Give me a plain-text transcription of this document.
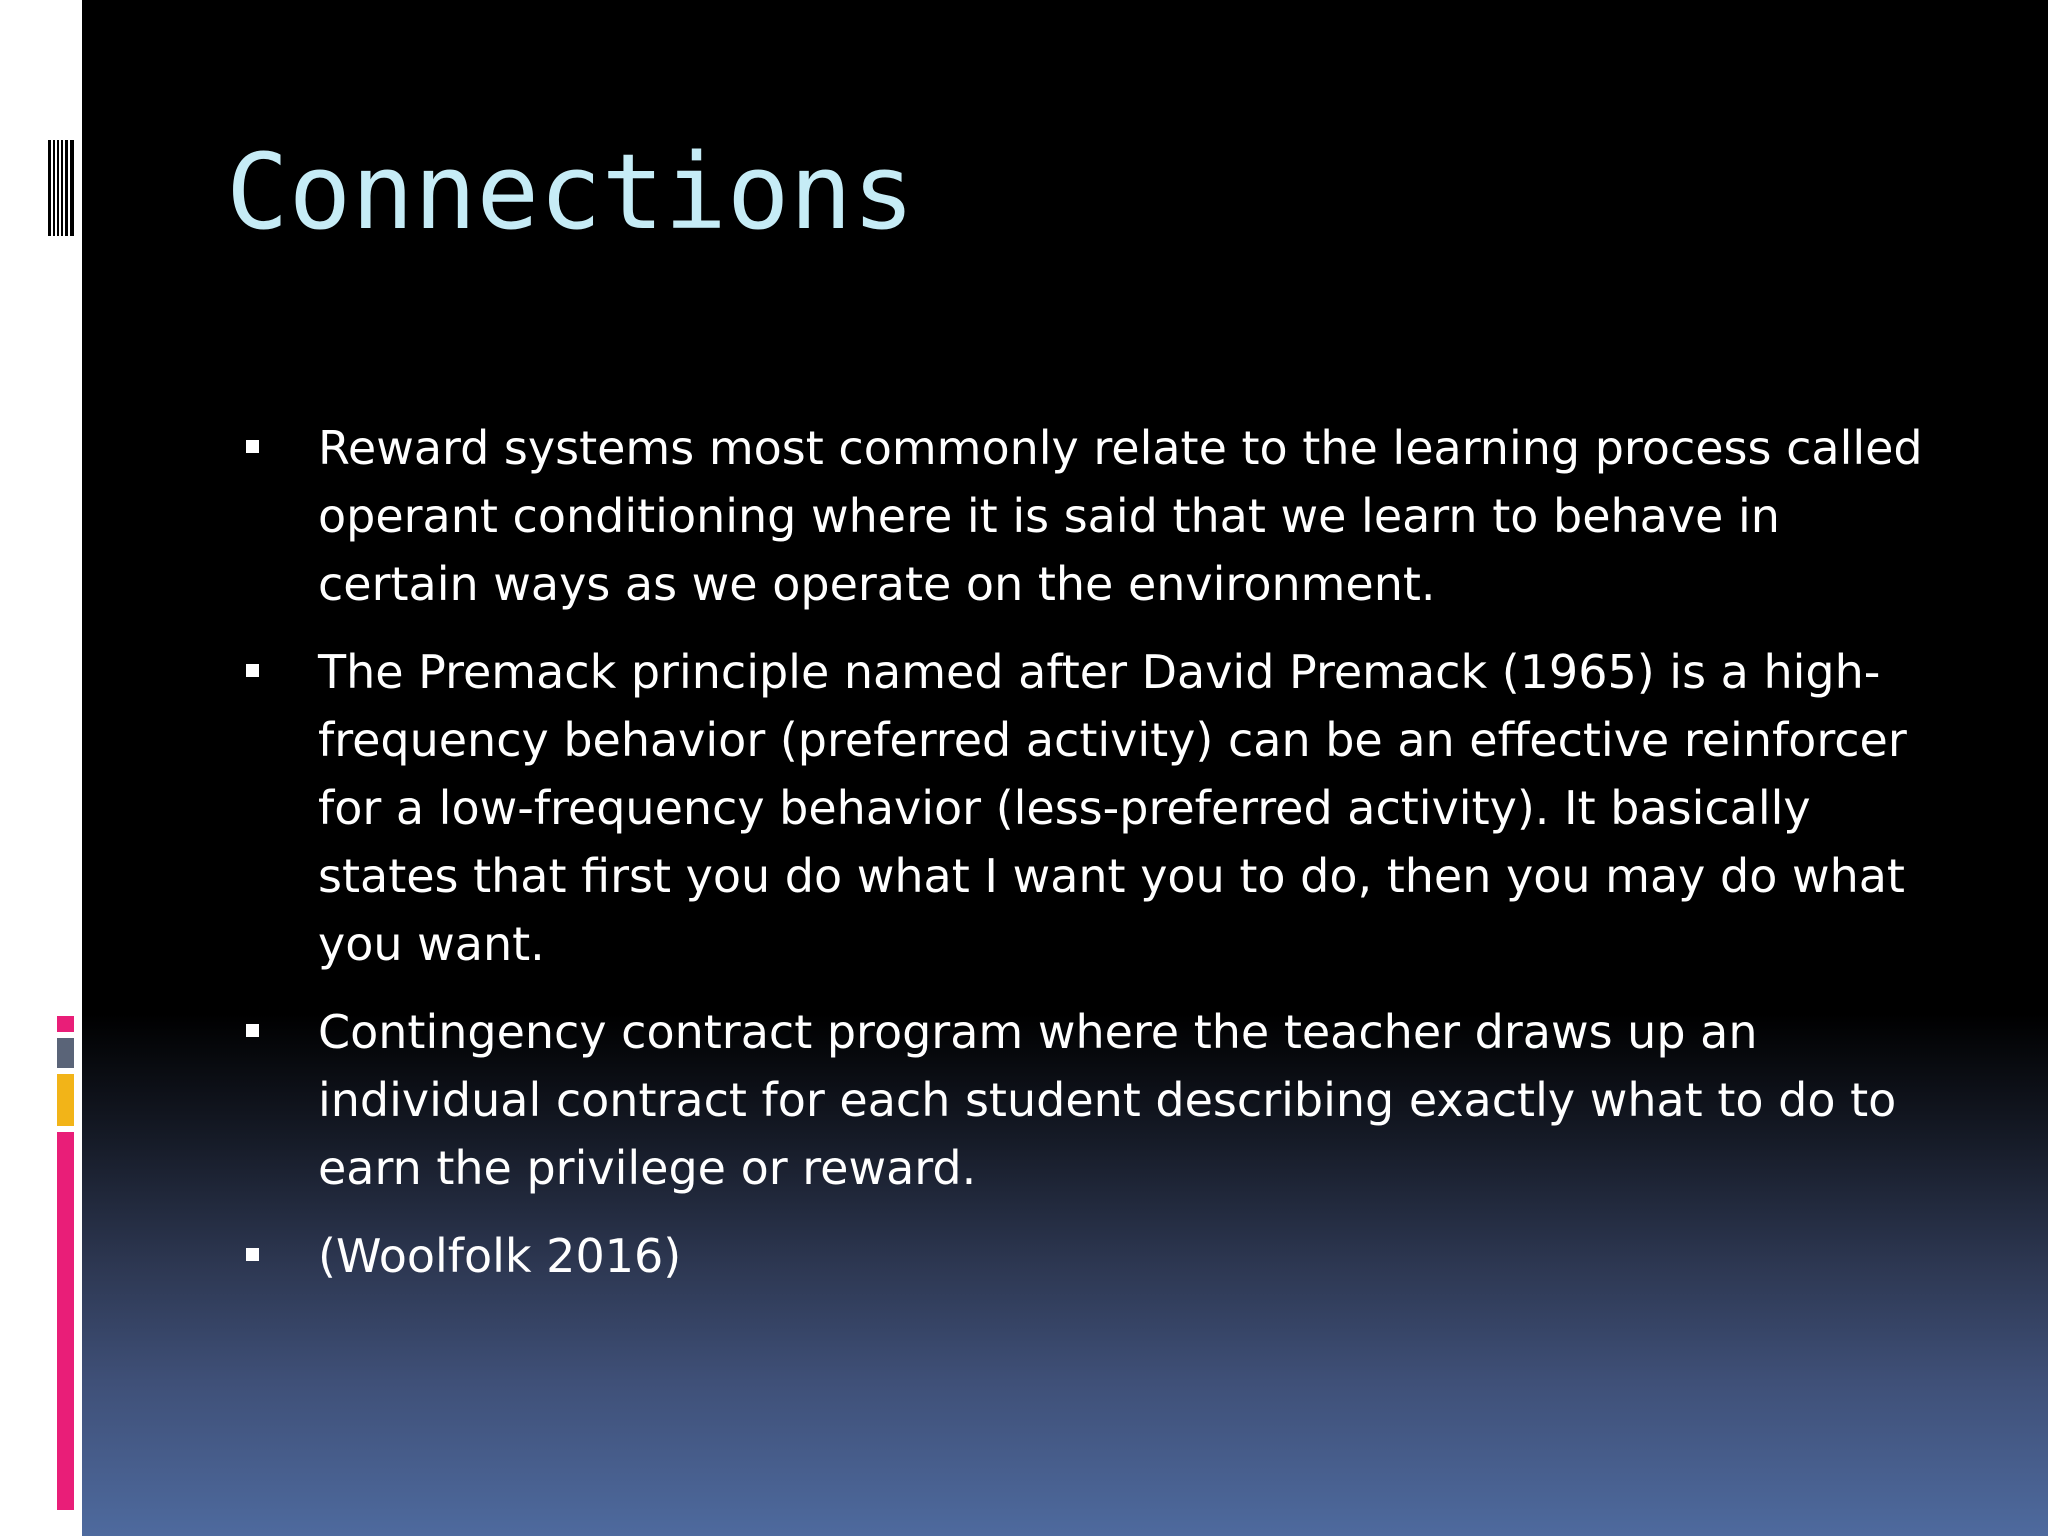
Connections
Reward systems most commonly relate to the learning process called operant conditioning where it is said that we learn to behave in certain ways as we operate on the environment.
The Premack principle named after David Premack (1965) is a high-frequency behavior (preferred activity) can be an effective reinforcer for a low-frequency behavior (less-preferred activity). It basically states that first you do what I want you to do, then you may do what you want.
Contingency contract program where the teacher draws up an individual contract for each student describing exactly what to do to earn the privilege or reward.
(Woolfolk 2016)
